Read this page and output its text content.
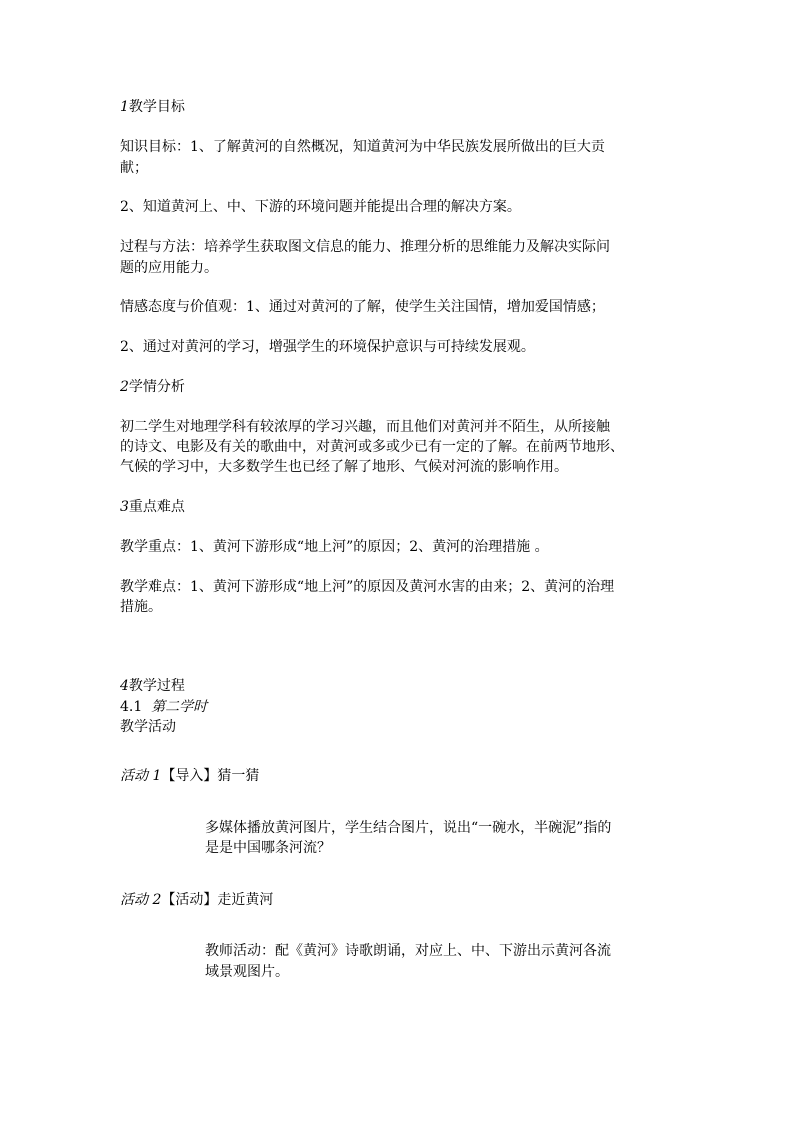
1教学目标

知识目标：1、了解黄河的自然概况，知道黄河为中华民族发展所做出的巨大贡

献；

2、知道黄河上、中、下游的环境问题并能提出合理的解决方案。

过程与方法：培养学生获取图文信息的能力、推理分析的思维能力及解决实际问

题的应用能力。

情感态度与价值观：1、通过对黄河的了解，使学生关注国情，增加爱国情感；

2、通过对黄河的学习，增强学生的环境保护意识与可持续发展观。

2学情分析

初二学生对地理学科有较浓厚的学习兴趣，而且他们对黄河并不陌生，从所接触

的诗文、电影及有关的歌曲中，对黄河或多或少已有一定的了解。在前两节地形、

气候的学习中，大多数学生也已经了解了地形、气候对河流的影响作用。

3重点难点

教学重点：1、黄河下游形成“地上河”的原因；2、黄河的治理措施 。

教学难点：1、黄河下游形成“地上河”的原因及黄河水害的由来；2、黄河的治理

措施。

4教学过程

4.1 第二学时

教学活动

活动 1【导入】猜一猜

多媒体播放黄河图片，学生结合图片，说出“一碗水，半碗泥”指的

是是中国哪条河流？

活动 2【活动】走近黄河

教师活动：配《黄河》诗歌朗诵，对应上、中、下游出示黄河各流

域景观图片。
